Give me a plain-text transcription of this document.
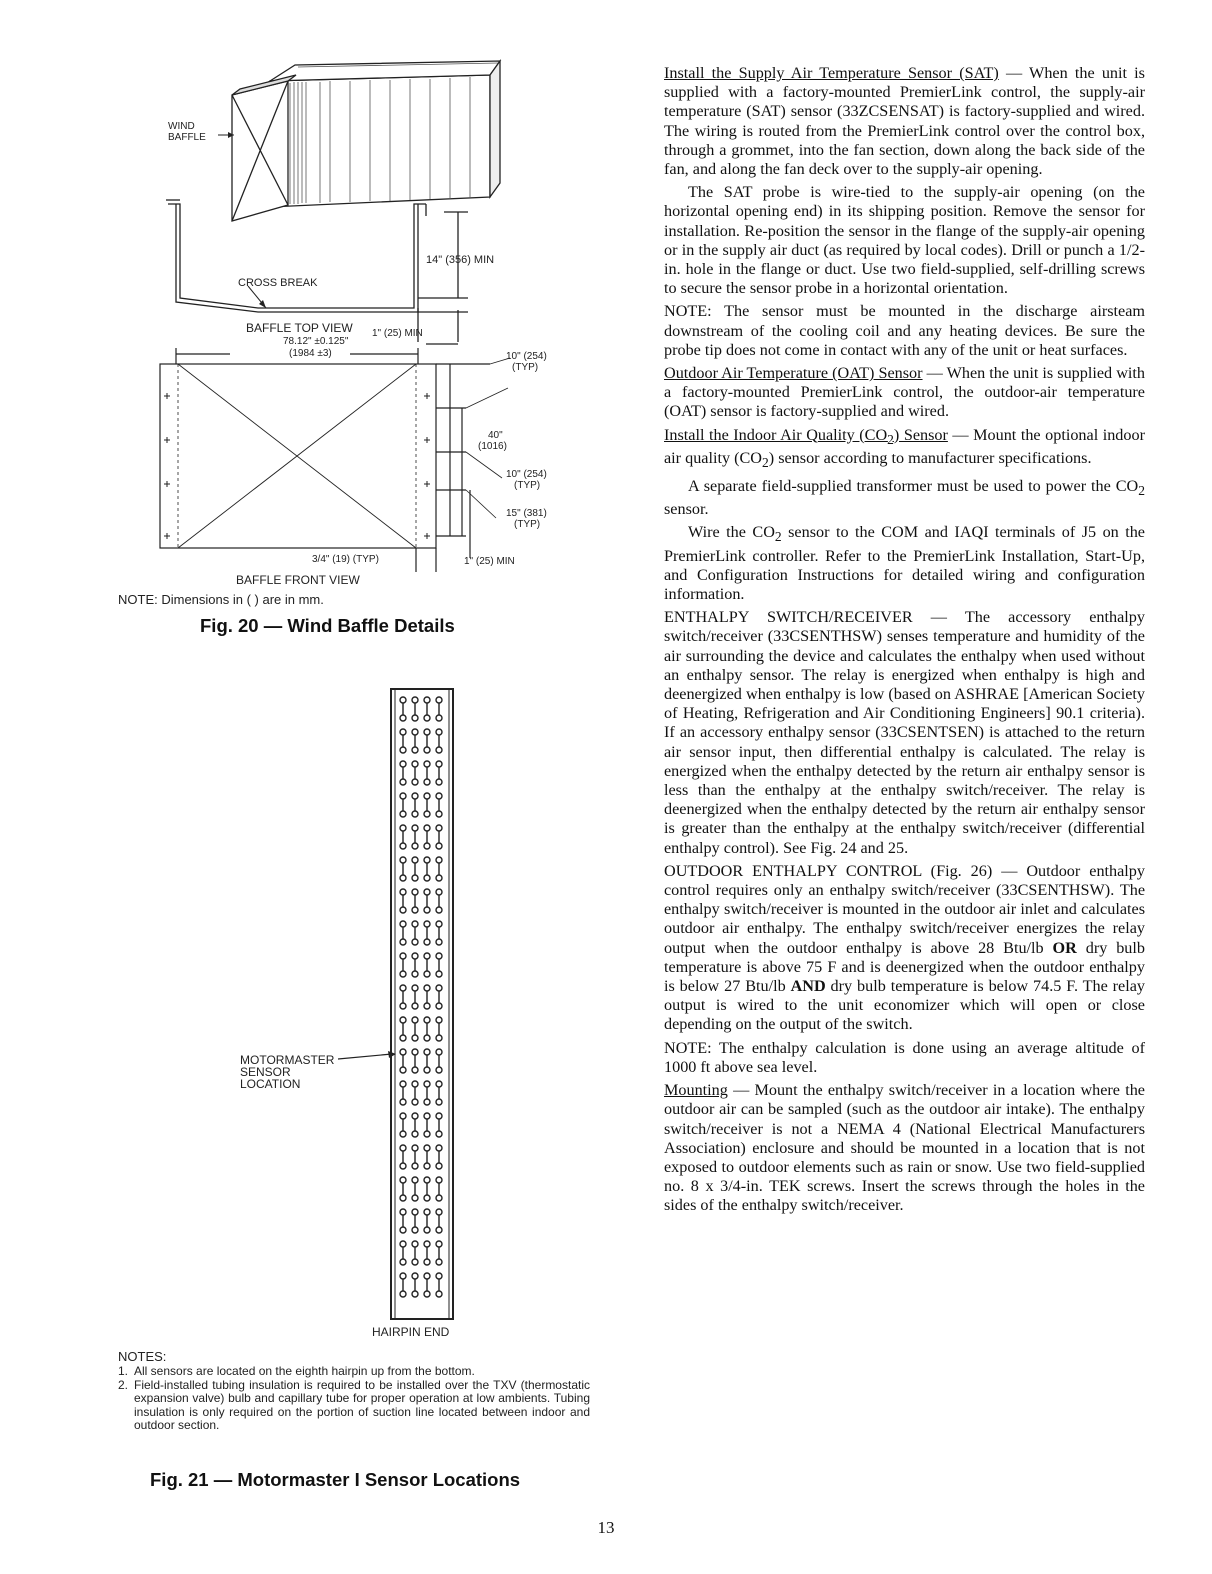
WIND
BAFFLE
14" (356) MIN
CROSS BREAK
BAFFLE TOP VIEW 1" (25) MIN
78.12" ±0.125"
(1984 ±3)	10" (254)
(TYP)
40"
(1016)
10" (254)
(TYP)
15" (381)
(TYP)
3/4" (19) (TYP)	1" (25) MIN
BAFFLE FRONT VIEW
NOTE: Dimensions in ( ) are in mm.
Fig. 20 — Wind Baffle Details
MOTORMASTER
SENSOR
LOCATION
HAIRPIN END
NOTES:
1. All sensors are located on the eighth hairpin up from the bottom.
2. Field-installed tubing insulation is required to be installed over the TXV (thermostatic expansion valve) bulb and capillary tube for proper operation at low ambients. Tubing insulation is only required on the portion of suction line located between indoor and outdoor section.
Fig. 21 — Motormaster I Sensor Locations

Install the Supply Air Temperature Sensor (SAT) — When the unit is supplied with a factory-mounted PremierLink control, the supply-air temperature (SAT) sensor (33ZCSENSAT) is factory-supplied and wired. The wiring is routed from the PremierLink control over the control box, through a grommet, into the fan section, down along the back side of the fan, and along the fan deck over to the supply-air opening.

The SAT probe is wire-tied to the supply-air opening (on the horizontal opening end) in its shipping position. Remove the sensor for installation. Re-position the sensor in the flange of the supply-air opening or in the supply air duct (as required by local codes). Drill or punch a 1/2-in. hole in the flange or duct. Use two field-supplied, self-drilling screws to secure the sensor probe in a horizontal orientation.

NOTE: The sensor must be mounted in the discharge airsteam downstream of the cooling coil and any heating devices. Be sure the probe tip does not come in contact with any of the unit or heat surfaces.

Outdoor Air Temperature (OAT) Sensor — When the unit is supplied with a factory-mounted PremierLink control, the outdoor-air temperature (OAT) sensor is factory-supplied and wired.

Install the Indoor Air Quality $(CO_2)$ Sensor — Mount the optional indoor air quality $(CO_2)$ sensor according to manufacturer specifications.

A separate field-supplied transformer must be used to power the $CO_2$ sensor.

Wire the $CO_2$ sensor to the COM and IAQI terminals of J5 on the PremierLink controller. Refer to the PremierLink Installation, Start-Up, and Configuration Instructions for detailed wiring and configuration information.

ENTHALPY SWITCH/RECEIVER — The accessory enthalpy switch/receiver (33CSENTHSW) senses temperature and humidity of the air surrounding the device and calculates the enthalpy when used without an enthalpy sensor. The relay is energized when enthalpy is high and deenergized when enthalpy is low (based on ASHRAE [American Society of Heating, Refrigeration and Air Conditioning Engineers] 90.1 criteria). If an accessory enthalpy sensor (33CSENTSEN) is attached to the return air sensor input, then differential enthalpy is calculated. The relay is energized when the enthalpy detected by the return air enthalpy sensor is less than the enthalpy at the enthalpy switch/receiver. The relay is deenergized when the enthalpy detected by the return air enthalpy sensor is greater than the enthalpy at the enthalpy switch/receiver (differential enthalpy control). See Fig. 24 and 25.

OUTDOOR ENTHALPY CONTROL (Fig. 26) — Outdoor enthalpy control requires only an enthalpy switch/receiver (33CSENTHSW). The enthalpy switch/receiver is mounted in the outdoor air inlet and calculates outdoor air enthalpy. The enthalpy switch/receiver energizes the relay output when the outdoor enthalpy is above 28 Btu/lb OR dry bulb temperature is above 75 F and is deenergized when the outdoor enthalpy is below 27 Btu/lb AND dry bulb temperature is below 74.5 F. The relay output is wired to the unit economizer which will open or close depending on the output of the switch.

NOTE: The enthalpy calculation is done using an average altitude of 1000 ft above sea level.

Mounting — Mount the enthalpy switch/receiver in a location where the outdoor air can be sampled (such as the outdoor air intake). The enthalpy switch/receiver is not a NEMA 4 (National Electrical Manufacturers Association) enclosure and should be mounted in a location that is not exposed to outdoor elements such as rain or snow. Use two field-supplied no. 8 x 3/4-in. TEK screws. Insert the screws through the holes in the sides of the enthalpy switch/receiver.

13
